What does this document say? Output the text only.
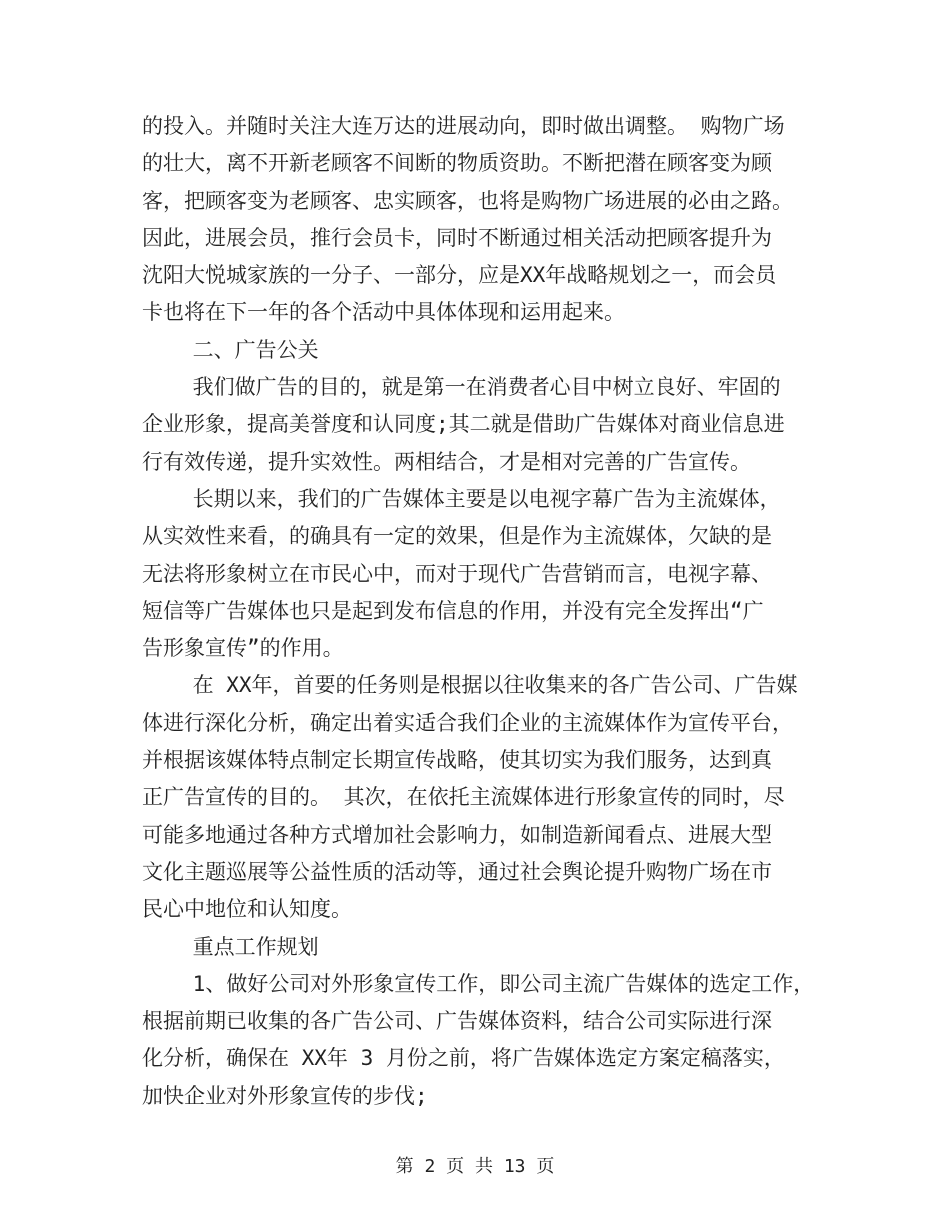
的投入。并随时关注大连万达的进展动向，即时做出调整。 购物广场
的壮大，离不开新老顾客不间断的物质资助。不断把潜在顾客变为顾
客，把顾客变为老顾客、忠实顾客，也将是购物广场进展的必由之路。
因此，进展会员，推行会员卡，同时不断通过相关活动把顾客提升为
沈阳大悦城家族的一分子、一部分，应是XX年战略规划之一，而会员
卡也将在下一年的各个活动中具体体现和运用起来。
二、广告公关
我们做广告的目的，就是第一在消费者心目中树立良好、牢固的
企业形象，提高美誉度和认同度;其二就是借助广告媒体对商业信息进
行有效传递，提升实效性。两相结合，才是相对完善的广告宣传。
长期以来，我们的广告媒体主要是以电视字幕广告为主流媒体，
从实效性来看，的确具有一定的效果，但是作为主流媒体，欠缺的是
无法将形象树立在市民心中，而对于现代广告营销而言，电视字幕、
短信等广告媒体也只是起到发布信息的作用，并没有完全发挥出“广
告形象宣传”的作用。
在 XX年，首要的任务则是根据以往收集来的各广告公司、广告媒
体进行深化分析，确定出着实适合我们企业的主流媒体作为宣传平台，
并根据该媒体特点制定长期宣传战略，使其切实为我们服务，达到真
正广告宣传的目的。 其次，在依托主流媒体进行形象宣传的同时，尽
可能多地通过各种方式增加社会影响力，如制造新闻看点、进展大型
文化主题巡展等公益性质的活动等，通过社会舆论提升购物广场在市
民心中地位和认知度。
重点工作规划
1、做好公司对外形象宣传工作，即公司主流广告媒体的选定工作，
根据前期已收集的各广告公司、广告媒体资料，结合公司实际进行深
化分析，确保在 XX年 3 月份之前，将广告媒体选定方案定稿落实，
加快企业对外形象宣传的步伐;
第 2 页 共 13 页
